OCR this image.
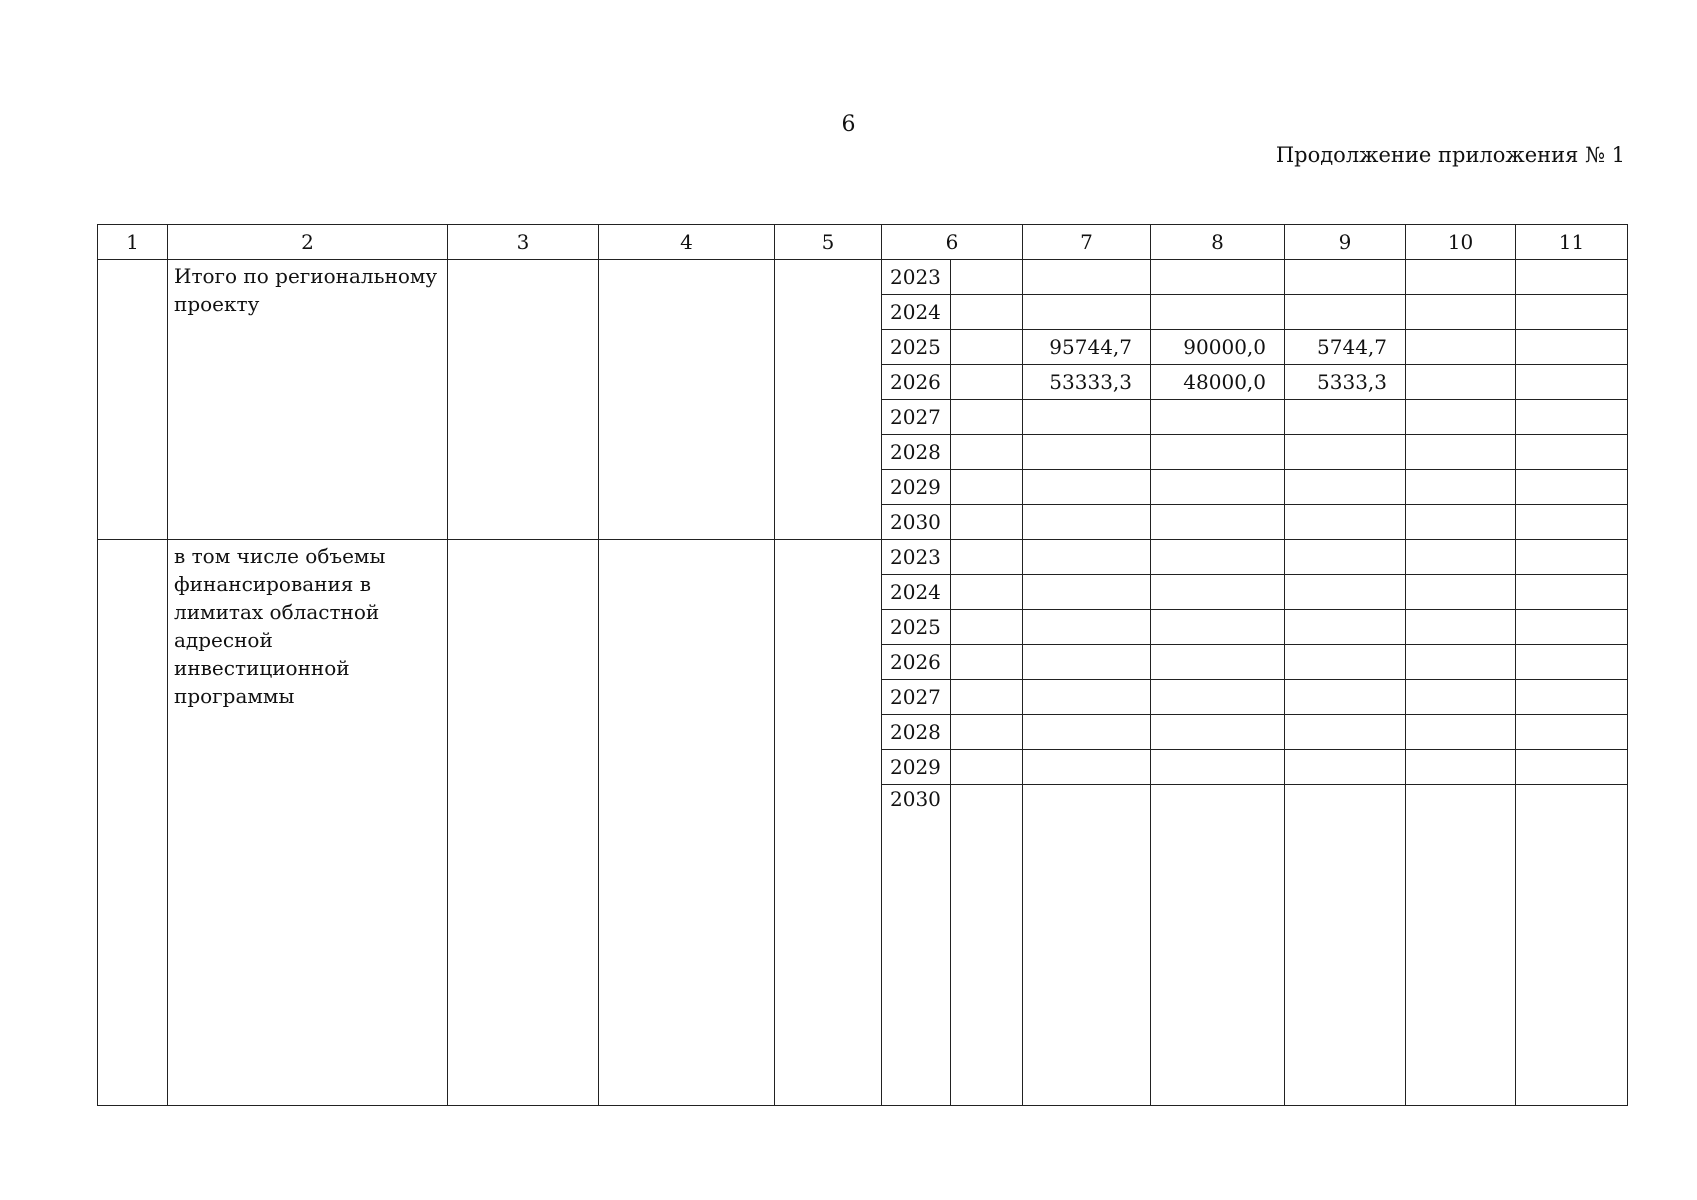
6
Продолжение приложения № 1
1	2	3	4	5	6		7	8	9	10	11
	Итого по региональному проекту				2023						
					2024						
					2025		95744,7	90000,0	5744,7		
					2026		53333,3	48000,0	5333,3		
					2027						
					2028						
					2029						
					2030						
	в том числе объемы финансирования в лимитах областной адресной инвестиционной программы				2023						
					2024						
					2025						
					2026						
					2027						
					2028						
					2029						
					2030						
